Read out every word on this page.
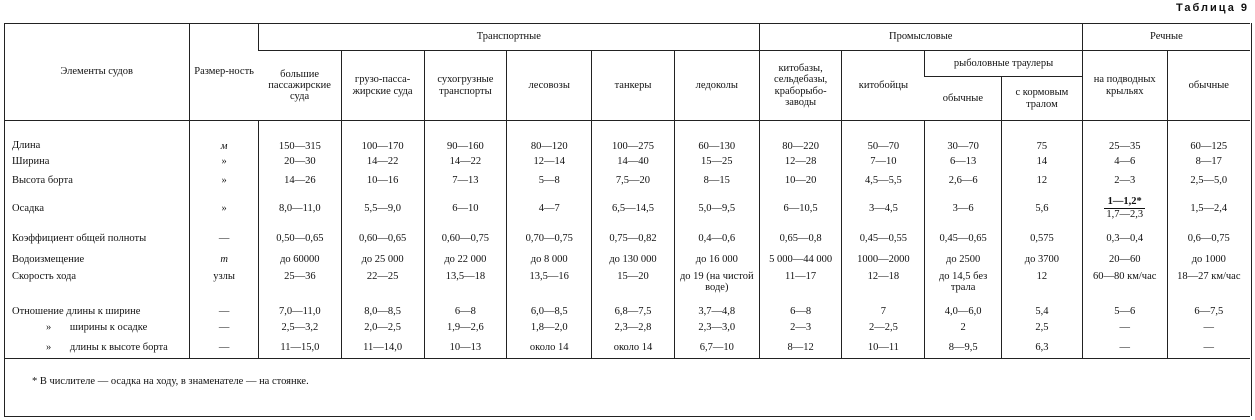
Таблица 9
Элементы судов	Размер-ность	Транспортные						Промысловые				Речные	
		большие пассажирские суда	грузо-пасса-жирские суда	сухогрузные транспорты	лесовозы	танкеры	ледоколы	китобазы, сельдебазы, крaборыбо-заводы	китобойцы	рыболовные траулеры		на подводных крыльях	обычные
										обычные	с кормовым тралом		
Длина	м	150—315	100—170	90—160	80—120	100—275	60—130	80—220	50—70	30—70	75	25—35	60—125
Ширина	»	20—30	14—22	14—22	12—14	14—40	15—25	12—28	7—10	6—13	14	4—6	8—17
Высота борта	»	14—26	10—16	7—13	5—8	7,5—20	8—15	10—20	4,5—5,5	2,6—6	12	2—3	2,5—5,0
Осадка	»	8,0—11,0	5,5—9,0	6—10	4—7	6,5—14,5	5,0—9,5	6—10,5	3—4,5	3—6	5,6	$\frac{1—1,2*}{1,7—2,3}$	1,5—2,4
Коэффициент общей полноты	—	0,50—0,65	0,60—0,65	0,60—0,75	0,70—0,75	0,75—0,82	0,4—0,6	0,65—0,8	0,45—0,55	0,45—0,65	0,575	0,3—0,4	0,6—0,75
Водоизмещение	т	до 60000	до 25 000	до 22 000	до 8 000	до 130 000	до 16 000	5 000—44 000	1000—2000	до 2500	до 3700	20—60	до 1000
Скорость хода	узлы	25—36	22—25	13,5—18	13,5—16	15—20	до 19 (на чистой воде)	11—17	12—18	до 14,5 без трала	12	60—80 км/час	18—27 км/час
Отношение длины к ширине	—	7,0—11,0	8,0—8,5	6—8	6,0—8,5	6,8—7,5	3,7—4,8	6—8	7	4,0—6,0	5,4	5—6	6—7,5
» ширины к осадке	—	2,5—3,2	2,0—2,5	1,9—2,6	1,8—2,0	2,3—2,8	2,3—3,0	2—3	2—2,5	2	2,5	—	—
» длины к высоте борта	—	11—15,0	11—14,0	10—13	около 14	около 14	6,7—10	8—12	10—11	8—9,5	6,3	—	—
* В числителе — осадка на ходу, в знаменателе — на стоянке.
